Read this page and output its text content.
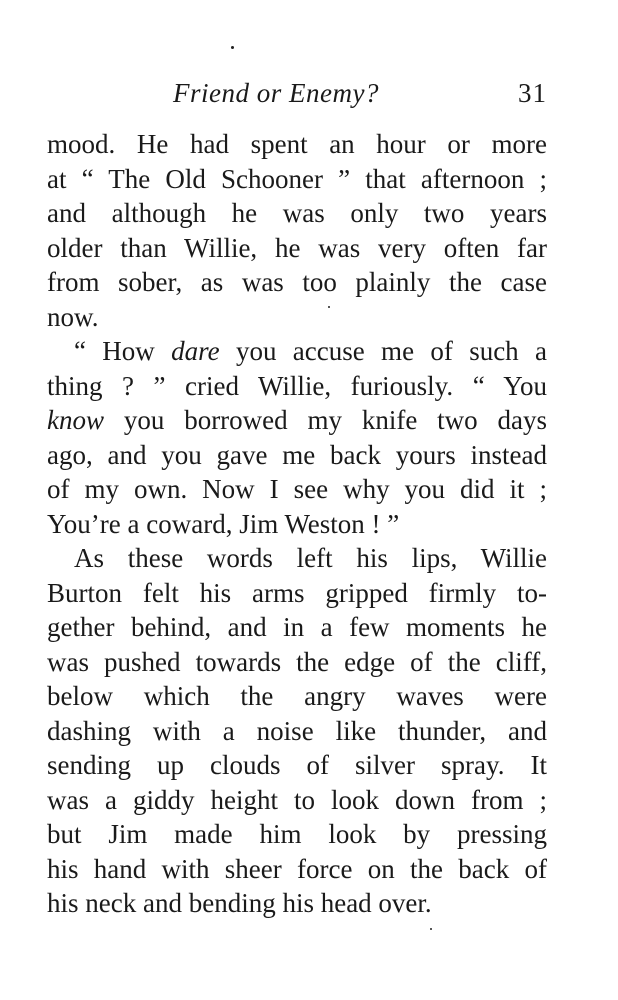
Friend or Enemy?	31
mood. He had spent an hour or more
at “ The Old Schooner ” that afternoon ;
and although he was only two years
older than Willie, he was very often far
from sober, as was too plainly the case
now.
“ How dare you accuse me of such a
thing ? ” cried Willie, furiously. “ You
know you borrowed my knife two days
ago, and you gave me back yours instead
of my own. Now I see why you did it ;
You’re a coward, Jim Weston ! ”
As these words left his lips, Willie
Burton felt his arms gripped firmly to-
gether behind, and in a few moments he
was pushed towards the edge of the cliff,
below which the angry waves were
dashing with a noise like thunder, and
sending up clouds of silver spray. It
was a giddy height to look down from ;
but Jim made him look by pressing
his hand with sheer force on the back of
his neck and bending his head over.
